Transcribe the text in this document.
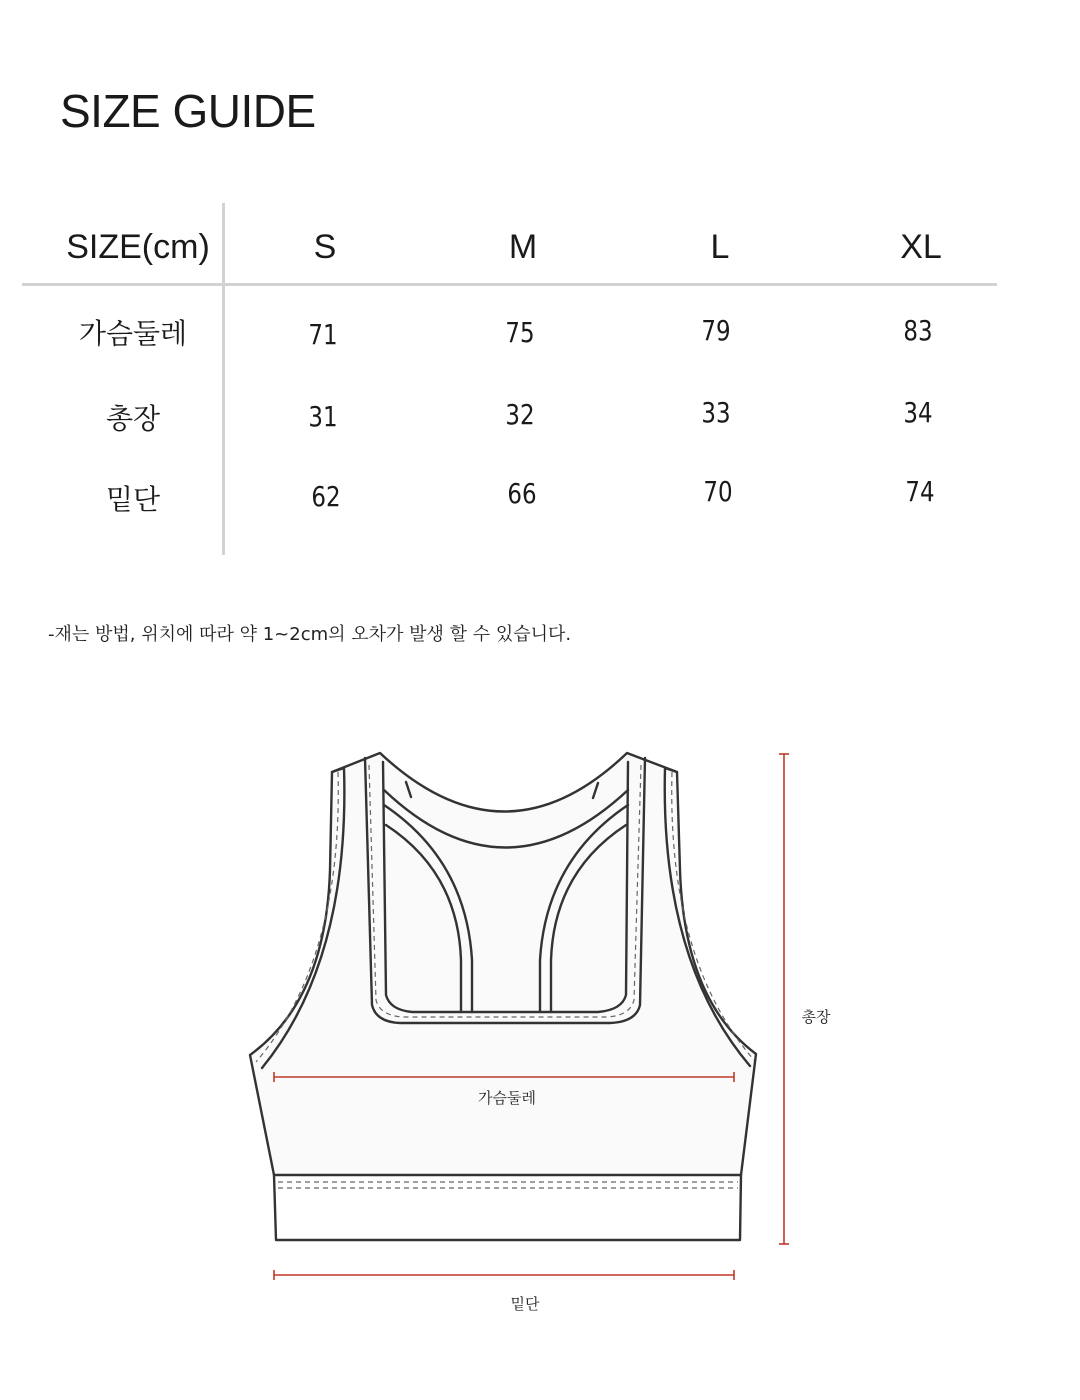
SIZE GUIDE
SIZE(cm)	S	M	L	XL
가슴둘레	71	75	79	83
총장	31	32	33	34
밑단	62	66	70	74
-재는 방법, 위치에 따라 약 1~2cm의 오차가 발생 할 수 있습니다.
가슴둘레
총장
밑단
